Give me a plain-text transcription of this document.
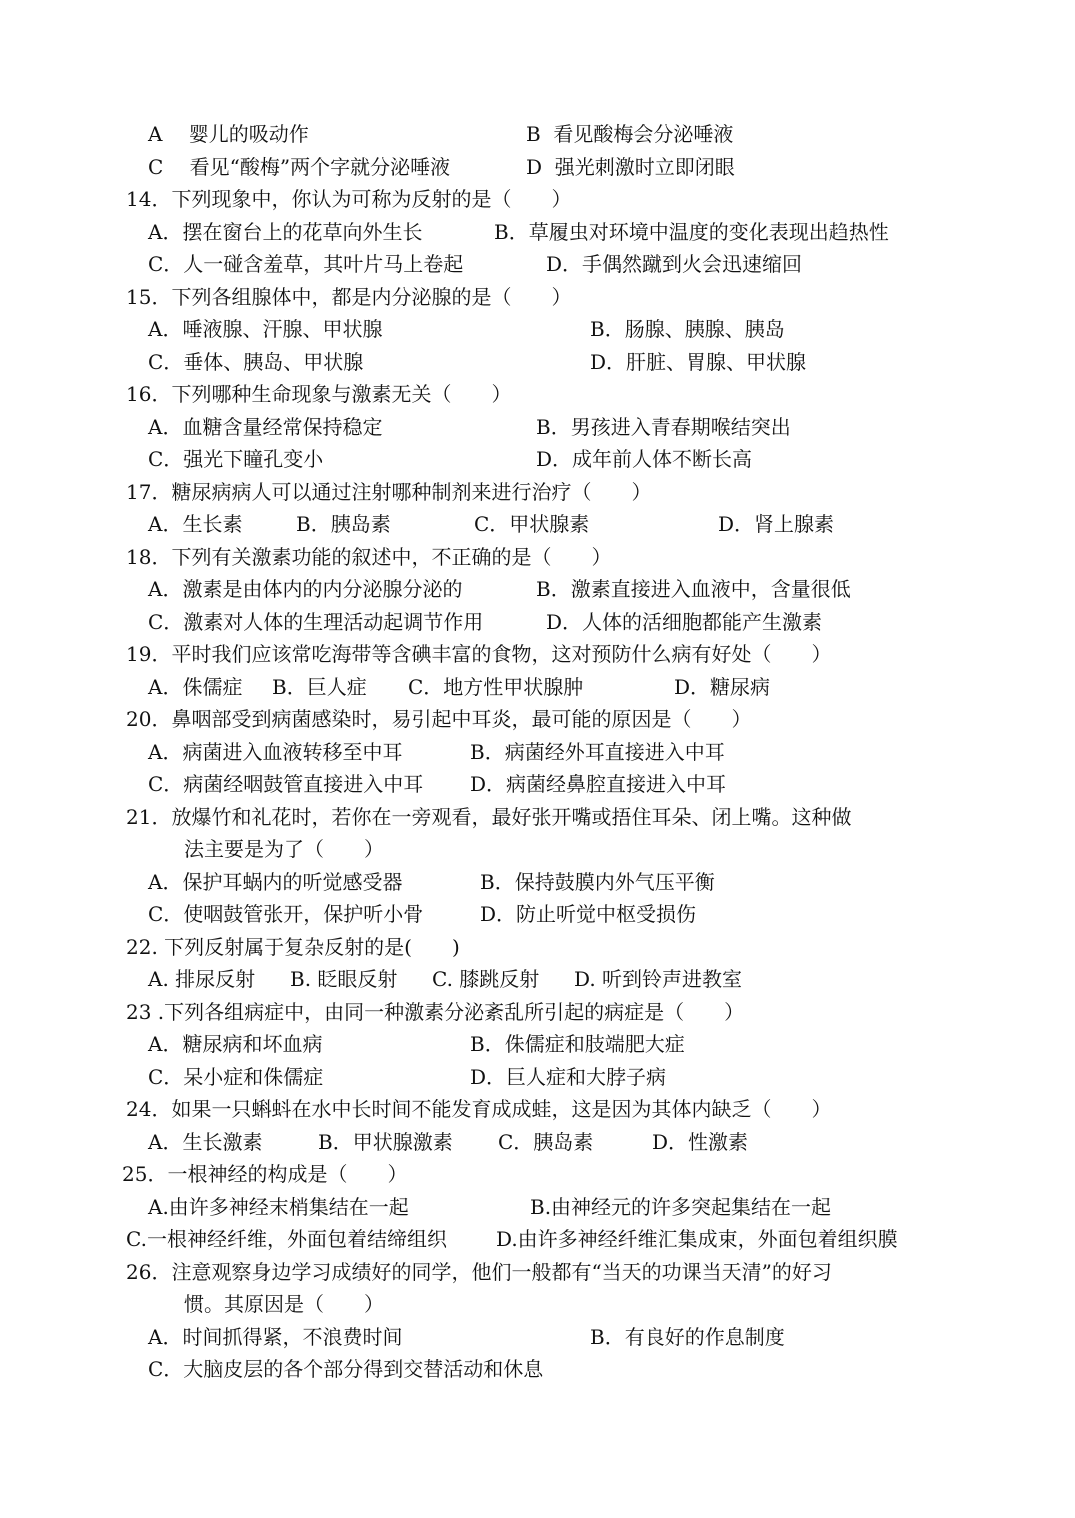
A　 婴儿的吸动作

	B  看见酸梅会分泌唾液

C　 看见“酸梅”两个字就分泌唾液

	D  强光刺激时立即闭眼

14．下列现象中，你认为可称为反射的是（　　）

A．摆在窗台上的花草向外生长

	B．草履虫对环境中温度的变化表现出趋热性

C．人一碰含羞草，其叶片马上卷起

	D．手偶然蹴到火会迅速缩回

15．下列各组腺体中，都是内分泌腺的是（　　）

A．唾液腺、汗腺、甲状腺

	B．肠腺、胰腺、胰岛

C．垂体、胰岛、甲状腺

	D．肝脏、胃腺、甲状腺

16．下列哪种生命现象与激素无关（　　）

A．血糖含量经常保持稳定

	B．男孩进入青春期喉结突出

C．强光下瞳孔变小

	D．成年前人体不断长高

17．糖尿病病人可以通过注射哪种制剂来进行治疗（　　）

A．生长素

	B．胰岛素

	C．甲状腺素

	D．肾上腺素

18．下列有关激素功能的叙述中，不正确的是（　　）

A．激素是由体内的内分泌腺分泌的

	B．激素直接进入血液中，含量很低

C．激素对人体的生理活动起调节作用

	D．人体的活细胞都能产生激素

19．平时我们应该常吃海带等含碘丰富的食物，这对预防什么病有好处（　　）

A．侏儒症

B．巨人症

C．地方性甲状腺肿

	D．糖尿病

20．鼻咽部受到病菌感染时，易引起中耳炎，最可能的原因是（　　）

A．病菌进入血液转移至中耳

	B．病菌经外耳直接进入中耳

C．病菌经咽鼓管直接进入中耳

D．病菌经鼻腔直接进入中耳

21．放爆竹和礼花时，若你在一旁观看，最好张开嘴或捂住耳朵、闭上嘴。这种做

法主要是为了（　　）

A．保护耳蜗内的听觉感受器

	B．保持鼓膜内外气压平衡

C．使咽鼓管张开，保护听小骨

	D．防止听觉中枢受损伤

22. 下列反射属于复杂反射的是(　　)

A. 排尿反射

B. 眨眼反射

C. 膝跳反射

D. 听到铃声进教室

23 .下列各组病症中，由同一种激素分泌紊乱所引起的病症是（　　）

A．糖尿病和坏血病

	B．侏儒症和肢端肥大症

C．呆小症和侏儒症

	D．巨人症和大脖子病

24．如果一只蝌蚪在水中长时间不能发育成成蛙，这是因为其体内缺乏（　　）

A．生长激素

	B．甲状腺激素

C．胰岛素

	D．性激素

25．一根神经的构成是（　　）

A.由许多神经末梢集结在一起

	B.由神经元的许多突起集结在一起

C.一根神经纤维，外面包着结缔组织

D.由许多神经纤维汇集成束，外面包着组织膜

26．注意观察身边学习成绩好的同学，他们一般都有“当天的功课当天清”的好习

惯。其原因是（　　）

A．时间抓得紧，不浪费时间

	B．有良好的作息制度

C．大脑皮层的各个部分得到交替活动和休息
